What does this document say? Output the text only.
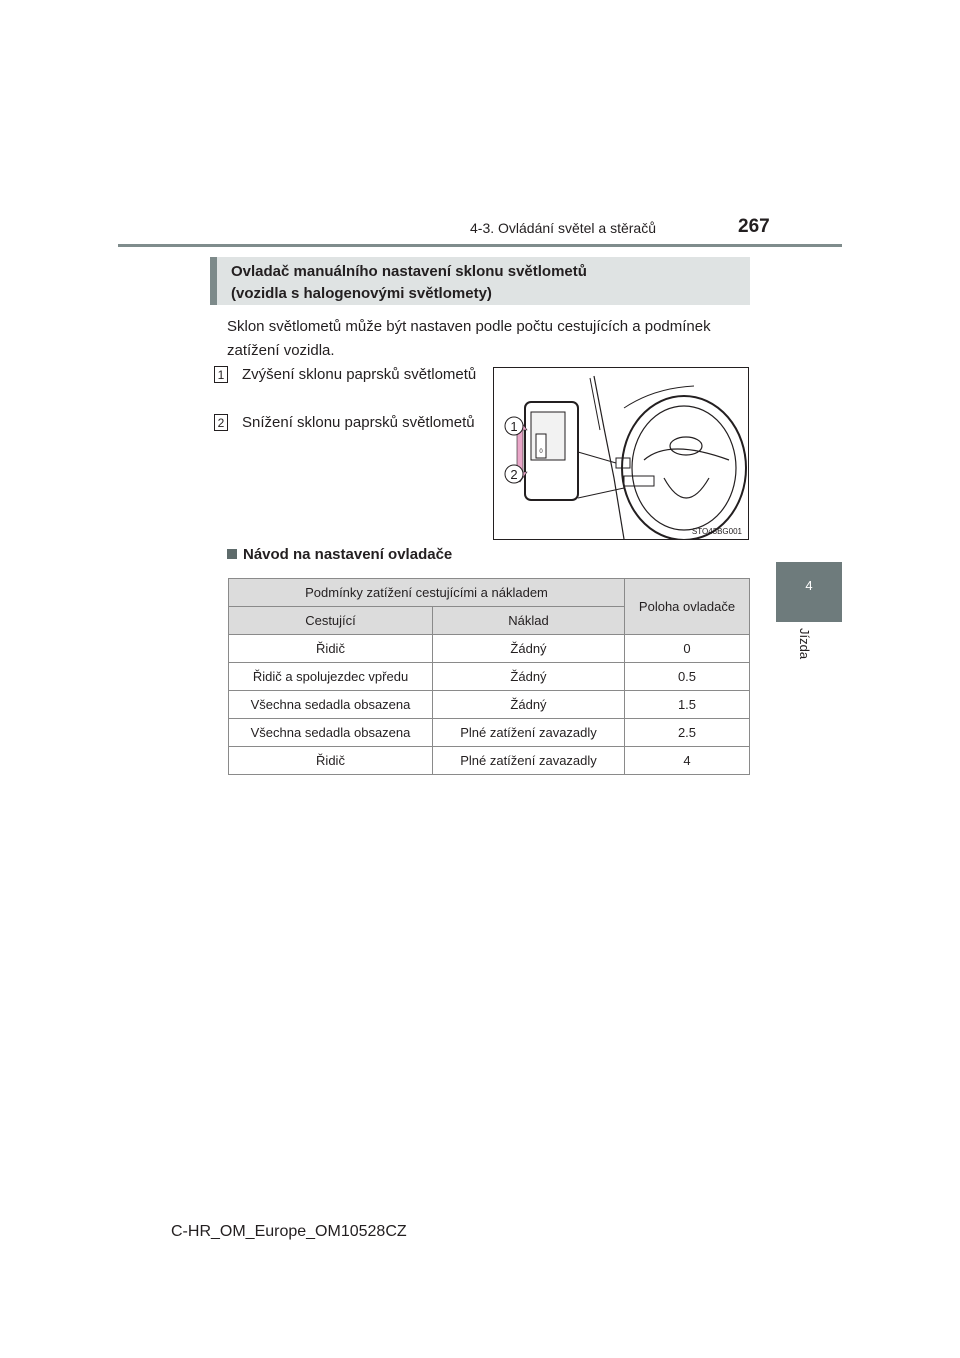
4-3. Ovládání světel a stěračů	267
4
Jízda
Ovladač manuálního nastavení sklonu světlometů
(vozidla s halogenovými světlomety)
Sklon světlometů může být nastaven podle počtu cestujících a podmínek zatížení vozidla.
1 Zvýšení sklonu paprsků světlometů
2 Snížení sklonu paprsků světlometů
0
1
2
STO43BG001
Návod na nastavení ovladače
Podmínky zatížení cestujícími a nákladem		Poloha ovladače
Cestující	Náklad	
Řidič	Žádný	0
Řidič a spolujezdec vpředu	Žádný	0.5
Všechna sedadla obsazena	Žádný	1.5
Všechna sedadla obsazena	Plné zatížení zavazadly	2.5
Řidič	Plné zatížení zavazadly	4
C-HR_OM_Europe_OM10528CZ
